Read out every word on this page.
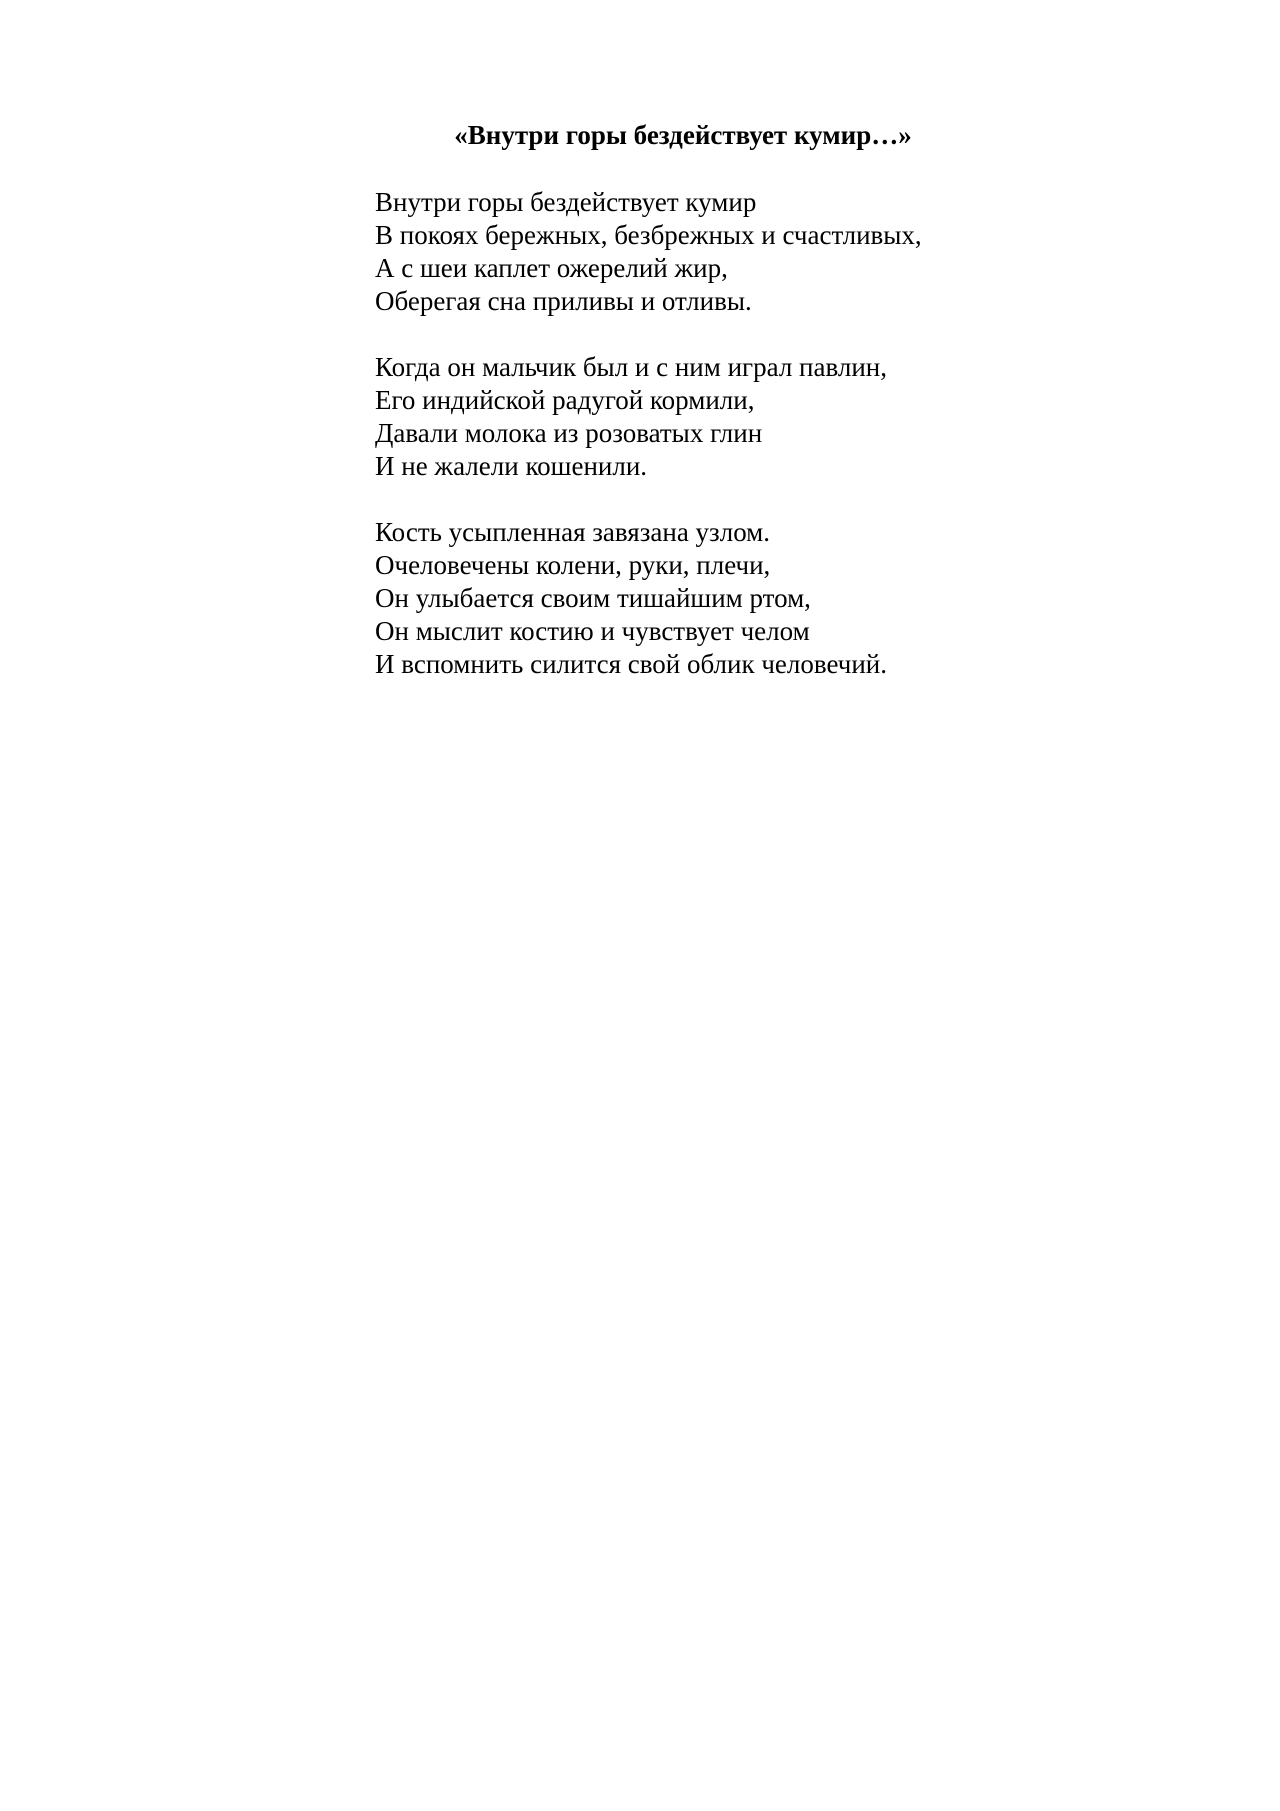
«Внутри горы бездействует кумир…»
Внутри горы бездействует кумир
В покоях бережных, безбрежных и счастливых,
А с шеи каплет ожерелий жир,
Оберегая сна приливы и отливы.
Когда он мальчик был и с ним играл павлин,
Его индийской радугой кормили,
Давали молока из розоватых глин
И не жалели кошенили.
Кость усыпленная завязана узлом.
Очеловечены колени, руки, плечи,
Он улыбается своим тишайшим ртом,
Он мыслит костию и чувствует челом
И вспомнить силится свой облик человечий.
